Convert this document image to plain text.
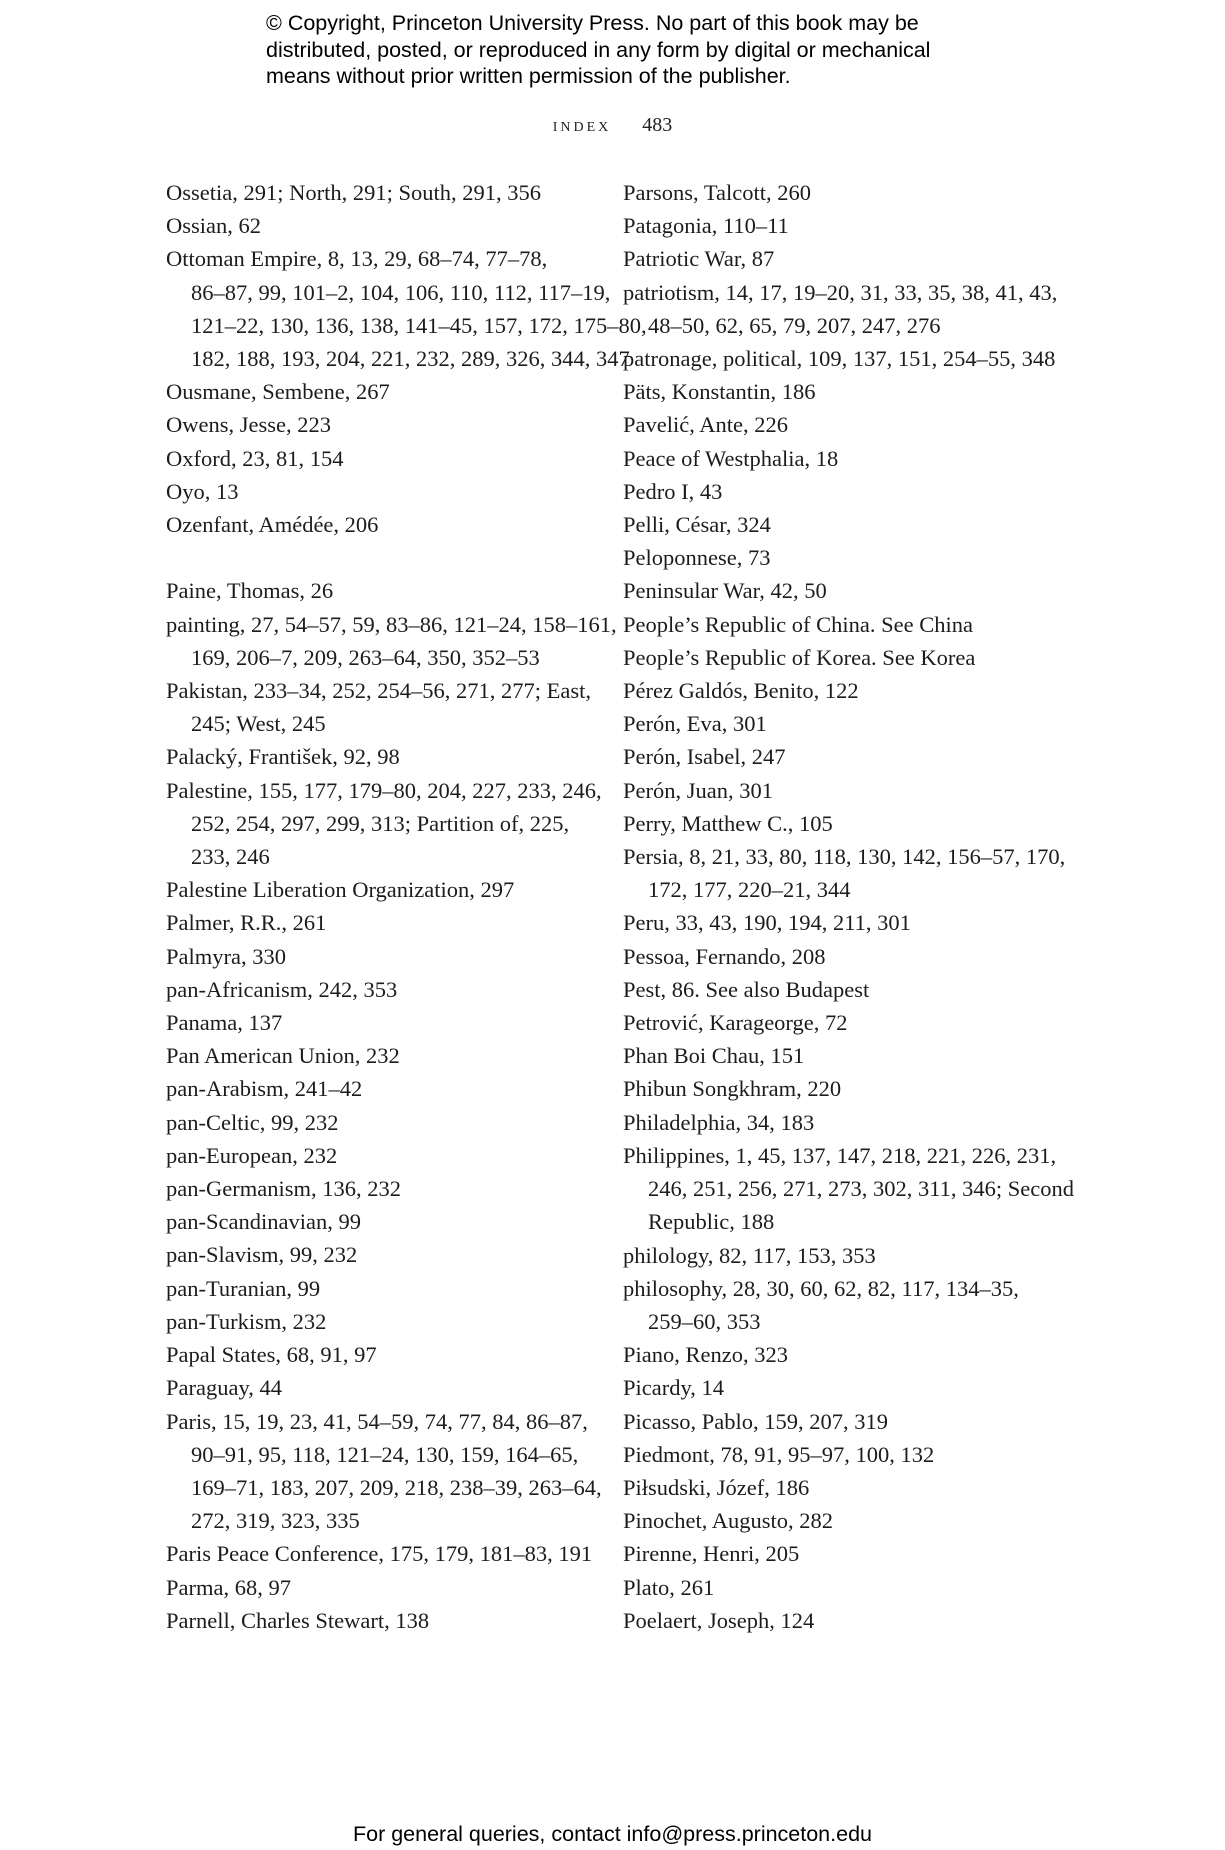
© Copyright, Princeton University Press. No part of this book may be
distributed, posted, or reproduced in any form by digital or mechanical
means without prior written permission of the publisher.
index 483
Ossetia, 291; North, 291; South, 291, 356
Ossian, 62
Ottoman Empire, 8, 13, 29, 68–74, 77–78,
86–87, 99, 101–2, 104, 106, 110, 112, 117–19,
121–22, 130, 136, 138, 141–45, 157, 172, 175–80,
182, 188, 193, 204, 221, 232, 289, 326, 344, 347
Ousmane, Sembene, 267
Owens, Jesse, 223
Oxford, 23, 81, 154
Oyo, 13
Ozenfant, Amédée, 206
Paine, Thomas, 26
painting, 27, 54–57, 59, 83–86, 121–24, 158–161,
169, 206–7, 209, 263–64, 350, 352–53
Pakistan, 233–34, 252, 254–56, 271, 277; East,
245; West, 245
Palacký, František, 92, 98
Palestine, 155, 177, 179–80, 204, 227, 233, 246,
252, 254, 297, 299, 313; Partition of, 225,
233, 246
Palestine Liberation Organization, 297
Palmer, R.R., 261
Palmyra, 330
pan-Africanism, 242, 353
Panama, 137
Pan American Union, 232
pan-Arabism, 241–42
pan-Celtic, 99, 232
pan-European, 232
pan-Germanism, 136, 232
pan-Scandinavian, 99
pan-Slavism, 99, 232
pan-Turanian, 99
pan-Turkism, 232
Papal States, 68, 91, 97
Paraguay, 44
Paris, 15, 19, 23, 41, 54–59, 74, 77, 84, 86–87,
90–91, 95, 118, 121–24, 130, 159, 164–65,
169–71, 183, 207, 209, 218, 238–39, 263–64,
272, 319, 323, 335
Paris Peace Conference, 175, 179, 181–83, 191
Parma, 68, 97
Parnell, Charles Stewart, 138
Parsons, Talcott, 260
Patagonia, 110–11
Patriotic War, 87
patriotism, 14, 17, 19–20, 31, 33, 35, 38, 41, 43,
48–50, 62, 65, 79, 207, 247, 276
patronage, political, 109, 137, 151, 254–55, 348
Päts, Konstantin, 186
Pavelić, Ante, 226
Peace of Westphalia, 18
Pedro I, 43
Pelli, César, 324
Peloponnese, 73
Peninsular War, 42, 50
People’s Republic of China. See China
People’s Republic of Korea. See Korea
Pérez Galdós, Benito, 122
Perón, Eva, 301
Perón, Isabel, 247
Perón, Juan, 301
Perry, Matthew C., 105
Persia, 8, 21, 33, 80, 118, 130, 142, 156–57, 170,
172, 177, 220–21, 344
Peru, 33, 43, 190, 194, 211, 301
Pessoa, Fernando, 208
Pest, 86. See also Budapest
Petrović, Karageorge, 72
Phan Boi Chau, 151
Phibun Songkhram, 220
Philadelphia, 34, 183
Philippines, 1, 45, 137, 147, 218, 221, 226, 231,
246, 251, 256, 271, 273, 302, 311, 346; Second
Republic, 188
philology, 82, 117, 153, 353
philosophy, 28, 30, 60, 62, 82, 117, 134–35,
259–60, 353
Piano, Renzo, 323
Picardy, 14
Picasso, Pablo, 159, 207, 319
Piedmont, 78, 91, 95–97, 100, 132
Piłsudski, Józef, 186
Pinochet, Augusto, 282
Pirenne, Henri, 205
Plato, 261
Poelaert, Joseph, 124
For general queries, contact info@press.princeton.edu
